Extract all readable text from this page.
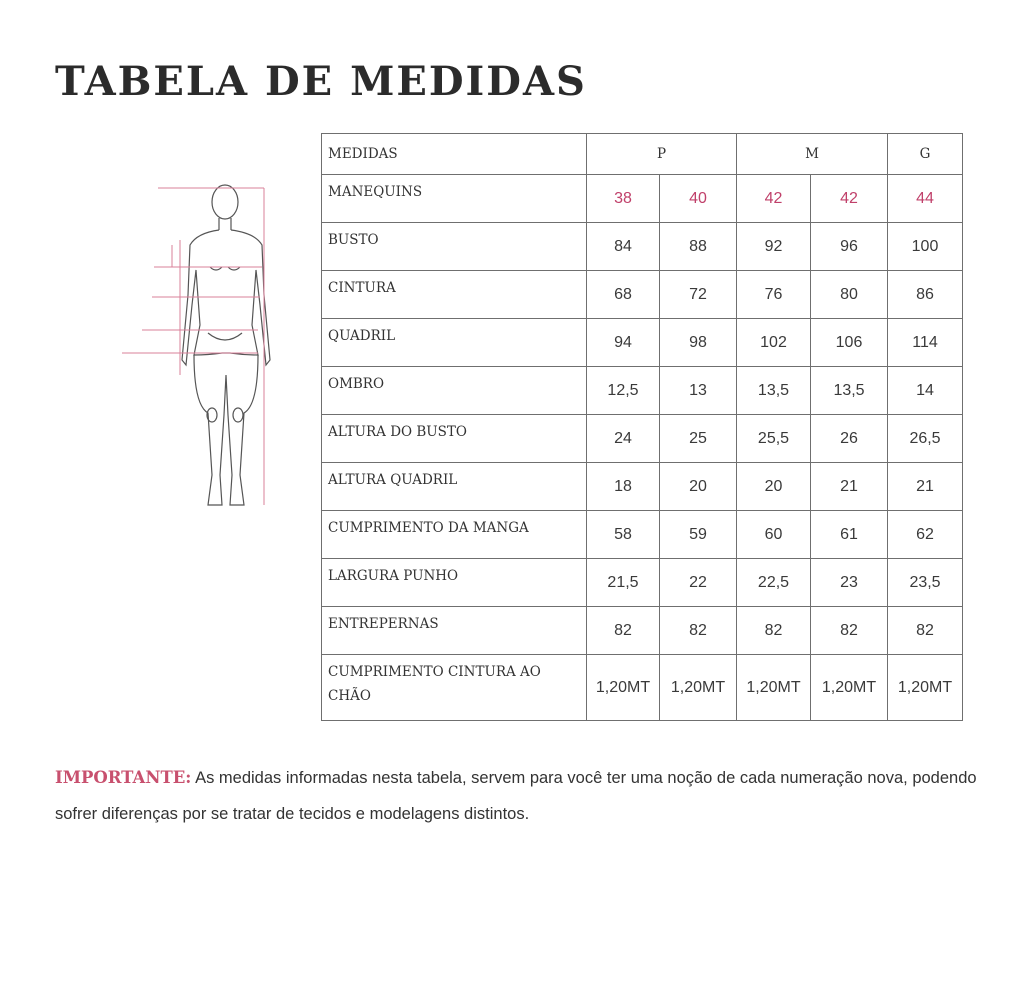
TABELA DE MEDIDAS
MEDIDAS	P		M		G
MANEQUINS	38	40	42	42	44
BUSTO	84	88	92	96	100
CINTURA	68	72	76	80	86
QUADRIL	94	98	102	106	114
OMBRO	12,5	13	13,5	13,5	14
ALTURA DO BUSTO	24	25	25,5	26	26,5
ALTURA QUADRIL	18	20	20	21	21
CUMPRIMENTO DA MANGA	58	59	60	61	62
LARGURA PUNHO	21,5	22	22,5	23	23,5
ENTREPERNAS	82	82	82	82	82
CUMPRIMENTO CINTURA AO CHÃO	1,20MT	1,20MT	1,20MT	1,20MT	1,20MT

IMPORTANTE: As medidas informadas nesta tabela, servem para você ter uma noção de cada numeração nova, podendo sofrer diferenças por se tratar de tecidos e modelagens distintos.
